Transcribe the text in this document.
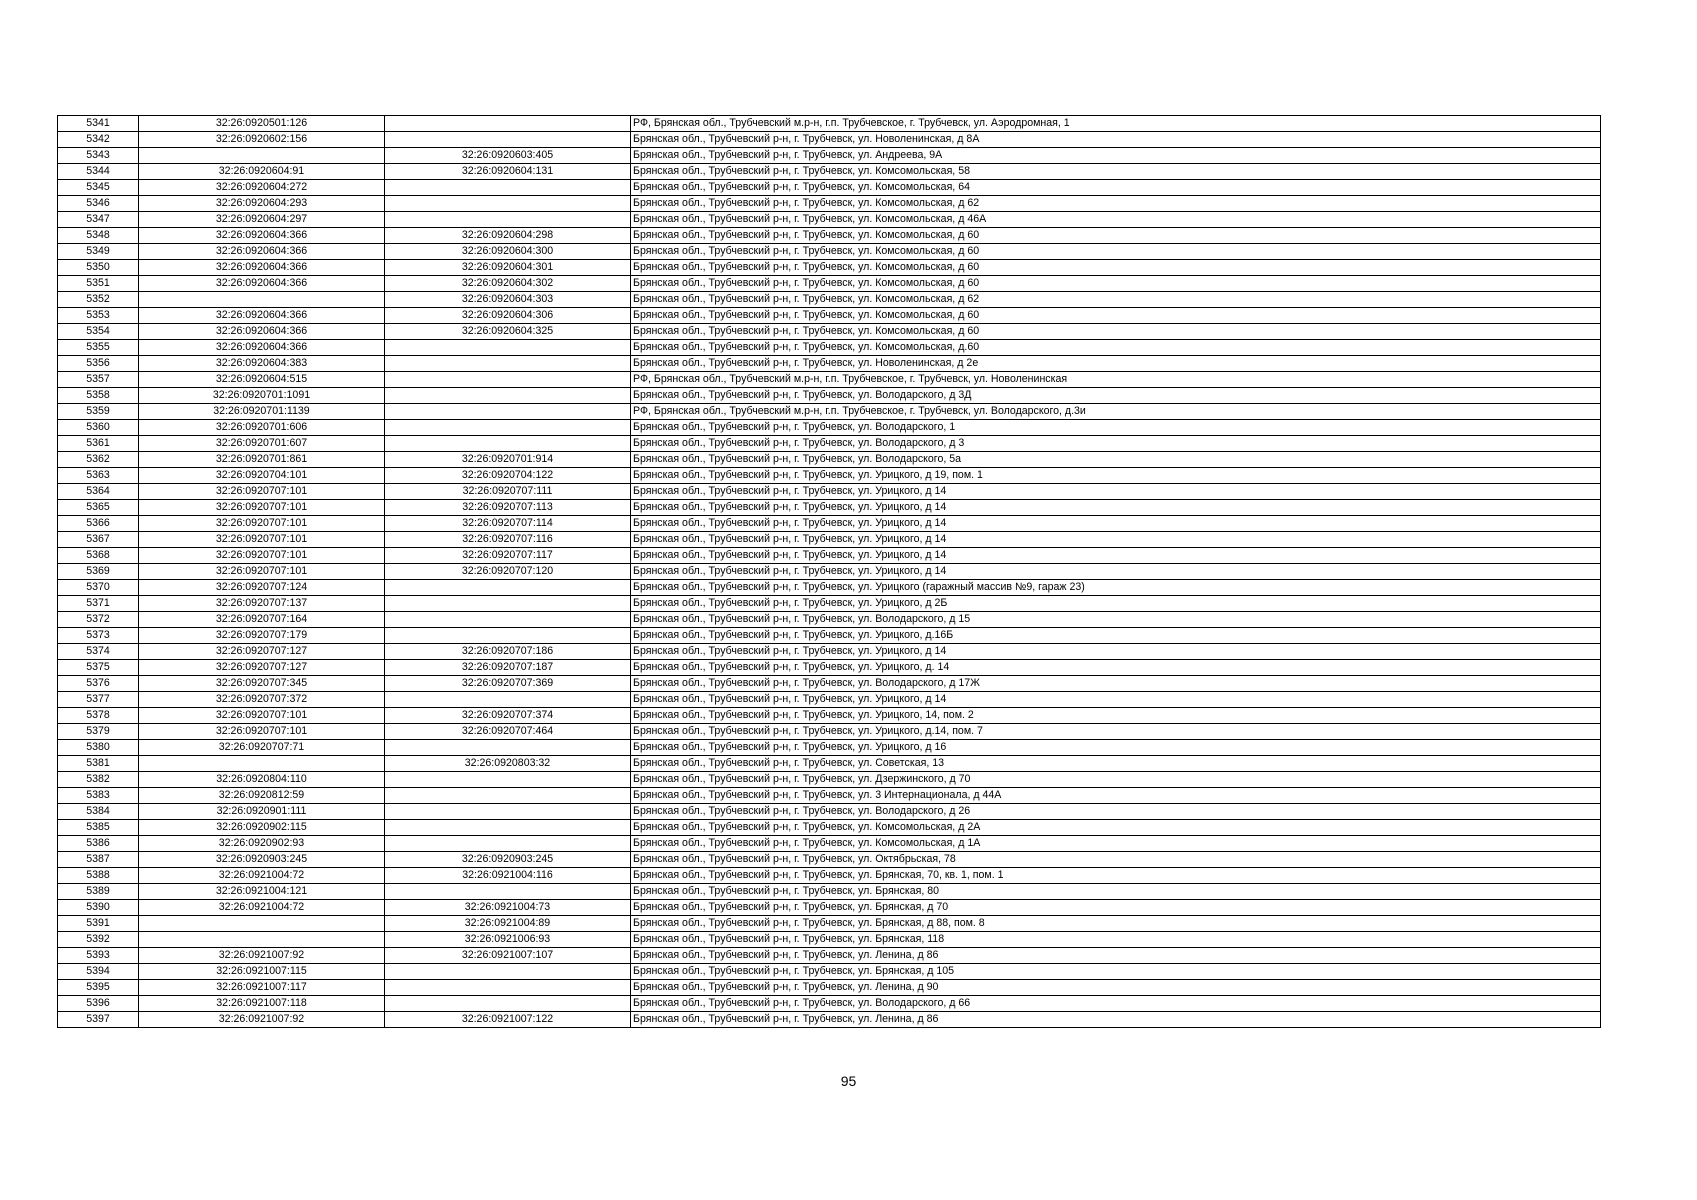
5341	32:26:0920501:126		РФ, Брянская обл., Трубчевский м.р-н, г.п. Трубчевское, г. Трубчевск, ул. Аэродромная, 1
5342	32:26:0920602:156		Брянская обл., Трубчевский р-н, г. Трубчевск, ул. Новоленинская, д 8А
5343		32:26:0920603:405	Брянская обл., Трубчевский р-н, г. Трубчевск, ул. Андреева, 9А
5344	32:26:0920604:91	32:26:0920604:131	Брянская обл., Трубчевский р-н, г. Трубчевск, ул. Комсомольская, 58
5345	32:26:0920604:272		Брянская обл., Трубчевский р-н, г. Трубчевск, ул. Комсомольская, 64
5346	32:26:0920604:293		Брянская обл., Трубчевский р-н, г. Трубчевск, ул. Комсомольская, д 62
5347	32:26:0920604:297		Брянская обл., Трубчевский р-н, г. Трубчевск, ул. Комсомольская, д 46А
5348	32:26:0920604:366	32:26:0920604:298	Брянская обл., Трубчевский р-н, г. Трубчевск, ул. Комсомольская, д 60
5349	32:26:0920604:366	32:26:0920604:300	Брянская обл., Трубчевский р-н, г. Трубчевск, ул. Комсомольская, д 60
5350	32:26:0920604:366	32:26:0920604:301	Брянская обл., Трубчевский р-н, г. Трубчевск, ул. Комсомольская, д 60
5351	32:26:0920604:366	32:26:0920604:302	Брянская обл., Трубчевский р-н, г. Трубчевск, ул. Комсомольская, д 60
5352		32:26:0920604:303	Брянская обл., Трубчевский р-н, г. Трубчевск, ул. Комсомольская, д 62
5353	32:26:0920604:366	32:26:0920604:306	Брянская обл., Трубчевский р-н, г. Трубчевск, ул. Комсомольская, д 60
5354	32:26:0920604:366	32:26:0920604:325	Брянская обл., Трубчевский р-н, г. Трубчевск, ул. Комсомольская, д 60
5355	32:26:0920604:366		Брянская обл., Трубчевский р-н, г. Трубчевск, ул. Комсомольская, д.60
5356	32:26:0920604:383		Брянская обл., Трубчевский р-н, г. Трубчевск, ул. Новоленинская, д 2е
5357	32:26:0920604:515		РФ, Брянская обл., Трубчевский м.р-н, г.п. Трубчевское, г. Трубчевск, ул. Новоленинская
5358	32:26:0920701:1091		Брянская обл., Трубчевский р-н, г. Трубчевск, ул. Володарского, д 3Д
5359	32:26:0920701:1139		РФ, Брянская обл., Трубчевский м.р-н, г.п. Трубчевское, г. Трубчевск, ул. Володарского, д.3и
5360	32:26:0920701:606		Брянская обл., Трубчевский р-н, г. Трубчевск, ул. Володарского, 1
5361	32:26:0920701:607		Брянская обл., Трубчевский р-н, г. Трубчевск, ул. Володарского, д 3
5362	32:26:0920701:861	32:26:0920701:914	Брянская обл., Трубчевский р-н, г. Трубчевск, ул. Володарского, 5а
5363	32:26:0920704:101	32:26:0920704:122	Брянская обл., Трубчевский р-н, г. Трубчевск, ул. Урицкого, д 19, пом. 1
5364	32:26:0920707:101	32:26:0920707:111	Брянская обл., Трубчевский р-н, г. Трубчевск, ул. Урицкого, д 14
5365	32:26:0920707:101	32:26:0920707:113	Брянская обл., Трубчевский р-н, г. Трубчевск, ул. Урицкого, д 14
5366	32:26:0920707:101	32:26:0920707:114	Брянская обл., Трубчевский р-н, г. Трубчевск, ул. Урицкого, д 14
5367	32:26:0920707:101	32:26:0920707:116	Брянская обл., Трубчевский р-н, г. Трубчевск, ул. Урицкого, д 14
5368	32:26:0920707:101	32:26:0920707:117	Брянская обл., Трубчевский р-н, г. Трубчевск, ул. Урицкого, д 14
5369	32:26:0920707:101	32:26:0920707:120	Брянская обл., Трубчевский р-н, г. Трубчевск, ул. Урицкого, д 14
5370	32:26:0920707:124		Брянская обл., Трубчевский р-н, г. Трубчевск, ул. Урицкого (гаражный массив №9, гараж 23)
5371	32:26:0920707:137		Брянская обл., Трубчевский р-н, г. Трубчевск, ул. Урицкого, д 2Б
5372	32:26:0920707:164		Брянская обл., Трубчевский р-н, г. Трубчевск, ул. Володарского, д 15
5373	32:26:0920707:179		Брянская обл., Трубчевский р-н, г. Трубчевск, ул. Урицкого, д.16Б
5374	32:26:0920707:127	32:26:0920707:186	Брянская обл., Трубчевский р-н, г. Трубчевск, ул. Урицкого, д 14
5375	32:26:0920707:127	32:26:0920707:187	Брянская обл., Трубчевский р-н, г. Трубчевск, ул. Урицкого, д. 14
5376	32:26:0920707:345	32:26:0920707:369	Брянская обл., Трубчевский р-н, г. Трубчевск, ул. Володарского, д 17Ж
5377	32:26:0920707:372		Брянская обл., Трубчевский р-н, г. Трубчевск, ул. Урицкого, д 14
5378	32:26:0920707:101	32:26:0920707:374	Брянская обл., Трубчевский р-н, г. Трубчевск, ул. Урицкого, 14, пом. 2
5379	32:26:0920707:101	32:26:0920707:464	Брянская обл., Трубчевский р-н, г. Трубчевск, ул. Урицкого, д.14, пом. 7
5380	32:26:0920707:71		Брянская обл., Трубчевский р-н, г. Трубчевск, ул. Урицкого, д 16
5381		32:26:0920803:32	Брянская обл., Трубчевский р-н, г. Трубчевск, ул. Советская, 13
5382	32:26:0920804:110		Брянская обл., Трубчевский р-н, г. Трубчевск, ул. Дзержинского, д 70
5383	32:26:0920812:59		Брянская обл., Трубчевский р-н, г. Трубчевск, ул. 3 Интернационала, д 44А
5384	32:26:0920901:111		Брянская обл., Трубчевский р-н, г. Трубчевск, ул. Володарского, д 26
5385	32:26:0920902:115		Брянская обл., Трубчевский р-н, г. Трубчевск, ул. Комсомольская, д 2А
5386	32:26:0920902:93		Брянская обл., Трубчевский р-н, г. Трубчевск, ул. Комсомольская, д 1А
5387	32:26:0920903:245	32:26:0920903:245	Брянская обл., Трубчевский р-н, г. Трубчевск, ул. Октябрьская, 78
5388	32:26:0921004:72	32:26:0921004:116	Брянская обл., Трубчевский р-н, г. Трубчевск, ул. Брянская, 70, кв. 1, пом. 1
5389	32:26:0921004:121		Брянская обл., Трубчевский р-н, г. Трубчевск, ул. Брянская, 80
5390	32:26:0921004:72	32:26:0921004:73	Брянская обл., Трубчевский р-н, г. Трубчевск, ул. Брянская, д 70
5391		32:26:0921004:89	Брянская обл., Трубчевский р-н, г. Трубчевск, ул. Брянская, д 88, пом. 8
5392		32:26:0921006:93	Брянская обл., Трубчевский р-н, г. Трубчевск, ул. Брянская, 118
5393	32:26:0921007:92	32:26:0921007:107	Брянская обл., Трубчевский р-н, г. Трубчевск, ул. Ленина, д 86
5394	32:26:0921007:115		Брянская обл., Трубчевский р-н, г. Трубчевск, ул. Брянская, д 105
5395	32:26:0921007:117		Брянская обл., Трубчевский р-н, г. Трубчевск, ул. Ленина, д 90
5396	32:26:0921007:118		Брянская обл., Трубчевский р-н, г. Трубчевск, ул. Володарского, д 66
5397	32:26:0921007:92	32:26:0921007:122	Брянская обл., Трубчевский р-н, г. Трубчевск, ул. Ленина, д 86
95
